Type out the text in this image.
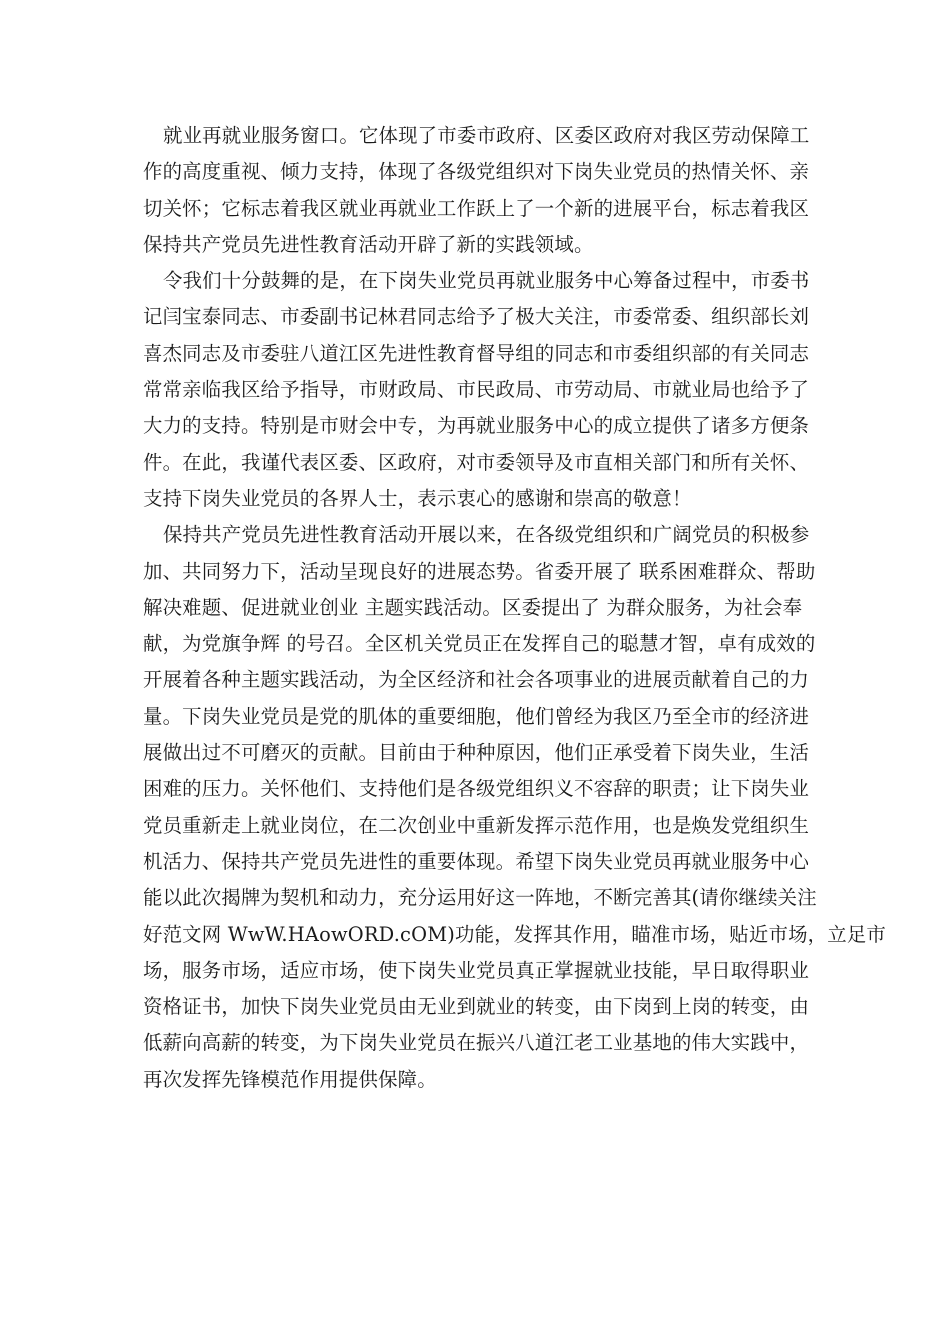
就业再就业服务窗口。它体现了市委市政府、区委区政府对我区劳动保障工
作的高度重视、倾力支持，体现了各级党组织对下岗失业党员的热情关怀、亲
切关怀；它标志着我区就业再就业工作跃上了一个新的进展平台，标志着我区
保持共产党员先进性教育活动开辟了新的实践领域。
令我们十分鼓舞的是，在下岗失业党员再就业服务中心筹备过程中，市委书
记闫宝泰同志、市委副书记林君同志给予了极大关注，市委常委、组织部长刘
喜杰同志及市委驻八道江区先进性教育督导组的同志和市委组织部的有关同志
常常亲临我区给予指导，市财政局、市民政局、市劳动局、市就业局也给予了
大力的支持。特别是市财会中专，为再就业服务中心的成立提供了诸多方便条
件。在此，我谨代表区委、区政府，对市委领导及市直相关部门和所有关怀、
支持下岗失业党员的各界人士，表示衷心的感谢和崇高的敬意！
保持共产党员先进性教育活动开展以来，在各级党组织和广阔党员的积极参
加、共同努力下，活动呈现良好的进展态势。省委开展了 联系困难群众、帮助
解决难题、促进就业创业 主题实践活动。区委提出了 为群众服务，为社会奉
献，为党旗争辉 的号召。全区机关党员正在发挥自己的聪慧才智，卓有成效的
开展着各种主题实践活动，为全区经济和社会各项事业的进展贡献着自己的力
量。下岗失业党员是党的肌体的重要细胞，他们曾经为我区乃至全市的经济进
展做出过不可磨灭的贡献。目前由于种种原因，他们正承受着下岗失业，生活
困难的压力。关怀他们、支持他们是各级党组织义不容辞的职责；让下岗失业
党员重新走上就业岗位，在二次创业中重新发挥示范作用，也是焕发党组织生
机活力、保持共产党员先进性的重要体现。希望下岗失业党员再就业服务中心
能以此次揭牌为契机和动力，充分运用好这一阵地，不断完善其(请你继续关注
好范文网 WwW.HAowORD.cOM)功能，发挥其作用，瞄准市场，贴近市场，立足市
场，服务市场，适应市场，使下岗失业党员真正掌握就业技能，早日取得职业
资格证书，加快下岗失业党员由无业到就业的转变，由下岗到上岗的转变，由
低薪向高薪的转变，为下岗失业党员在振兴八道江老工业基地的伟大实践中，
再次发挥先锋模范作用提供保障。
